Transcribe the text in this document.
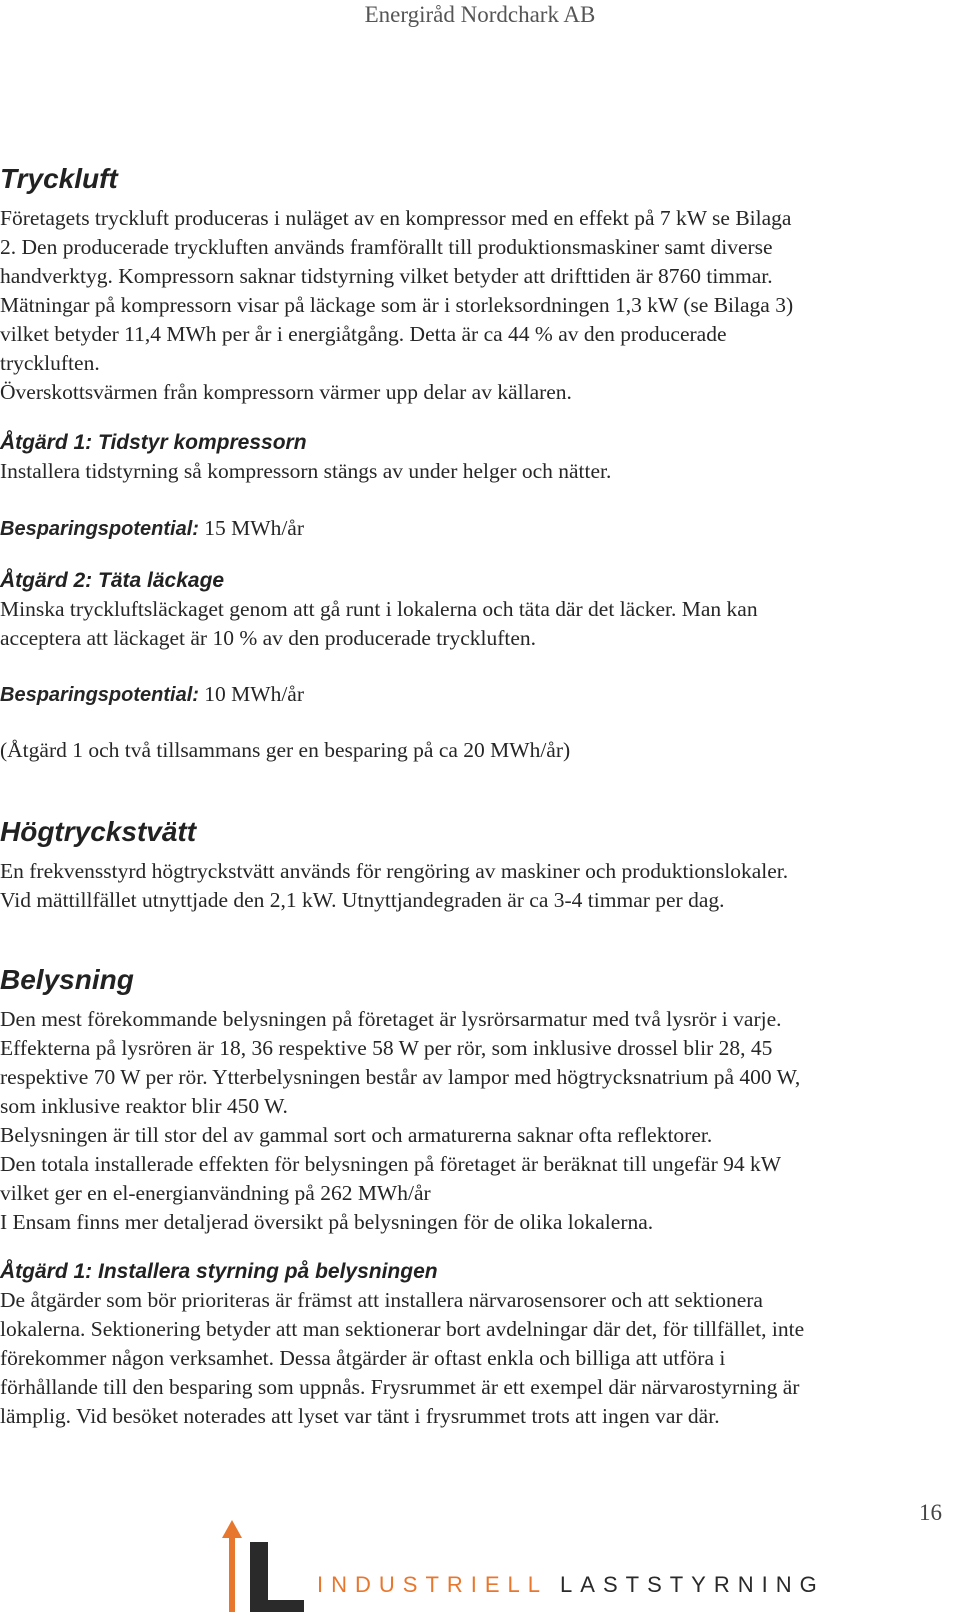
Energiråd Nordchark AB
Tryckluft
Företagets tryckluft produceras i nuläget av en kompressor med en effekt på 7 kW se Bilaga
2. Den producerade tryckluften används framförallt till produktionsmaskiner samt diverse
handverktyg. Kompressorn saknar tidstyrning vilket betyder att drifttiden är 8760 timmar.
Mätningar på kompressorn visar på läckage som är i storleksordningen 1,3 kW (se Bilaga 3)
vilket betyder 11,4 MWh per år i energiåtgång. Detta är ca 44 % av den producerade
tryckluften.
Överskottsvärmen från kompressorn värmer upp delar av källaren.
Åtgärd 1: Tidstyr kompressorn
Installera tidstyrning så kompressorn stängs av under helger och nätter.
Besparingspotential: 15 MWh/år
Åtgärd 2: Täta läckage
Minska tryckluftsläckaget genom att gå runt i lokalerna och täta där det läcker. Man kan
acceptera att läckaget är 10 % av den producerade tryckluften.
Besparingspotential: 10 MWh/år
(Åtgärd 1 och två tillsammans ger en besparing på ca 20 MWh/år)
Högtryckstvätt
En frekvensstyrd högtryckstvätt används för rengöring av maskiner och produktionslokaler.
Vid mättillfället utnyttjade den 2,1 kW. Utnyttjandegraden är ca 3-4 timmar per dag.
Belysning
Den mest förekommande belysningen på företaget är lysrörsarmatur med två lysrör i varje.
Effekterna på lysrören är 18, 36 respektive 58 W per rör, som inklusive drossel blir 28, 45
respektive 70 W per rör. Ytterbelysningen består av lampor med högtrycksnatrium på 400 W,
som inklusive reaktor blir 450 W.
Belysningen är till stor del av gammal sort och armaturerna saknar ofta reflektorer.
Den totala installerade effekten för belysningen på företaget är beräknat till ungefär 94 kW
vilket ger en el-energianvändning på 262 MWh/år
I Ensam finns mer detaljerad översikt på belysningen för de olika lokalerna.
Åtgärd 1: Installera styrning på belysningen
De åtgärder som bör prioriteras är främst att installera närvarosensorer och att sektionera
lokalerna. Sektionering betyder att man sektionerar bort avdelningar där det, för tillfället, inte
förekommer någon verksamhet. Dessa åtgärder är oftast enkla och billiga att utföra i
förhållande till den besparing som uppnås. Frysrummet är ett exempel där närvarostyrning är
lämplig. Vid besöket noterades att lyset var tänt i frysrummet trots att ingen var där.
16
INDUSTRIELL LASTSTYRNING
